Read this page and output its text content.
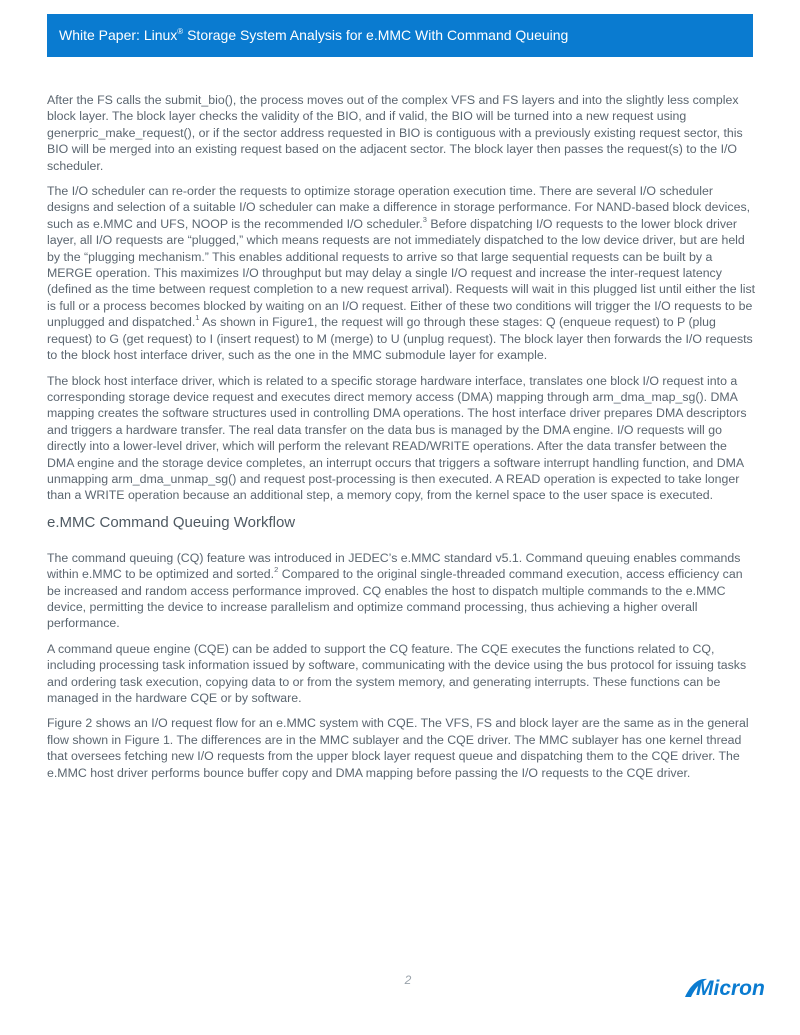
White Paper: Linux® Storage System Analysis for e.MMC With Command Queuing

After the FS calls the submit_bio(), the process moves out of the complex VFS and FS layers and into the slightly less complex block layer. The block layer checks the validity of the BIO, and if valid, the BIO will be turned into a new request using generpric_make_request(), or if the sector address requested in BIO is contiguous with a previously existing request sector, this BIO will be merged into an existing request based on the adjacent sector. The block layer then passes the request(s) to the I/O scheduler.

The I/O scheduler can re-order the requests to optimize storage operation execution time. There are several I/O scheduler designs and selection of a suitable I/O scheduler can make a difference in storage performance. For NAND-based block devices, such as e.MMC and UFS, NOOP is the recommended I/O scheduler.$^3$ Before dispatching I/O requests to the lower block driver layer, all I/O requests are “plugged,” which means requests are not immediately dispatched to the low device driver, but are held by the “plugging mechanism.” This enables additional requests to arrive so that large sequential requests can be built by a MERGE operation. This maximizes I/O throughput but may delay a single I/O request and increase the inter-request latency (defined as the time between request completion to a new request arrival). Requests will wait in this plugged list until either the list is full or a process becomes blocked by waiting on an I/O request. Either of these two conditions will trigger the I/O requests to be unplugged and dispatched.$^1$ As shown in Figure1, the request will go through these stages: Q (enqueue request) to P (plug request) to G (get request) to I (insert request) to M (merge) to U (unplug request). The block layer then forwards the I/O requests to the block host interface driver, such as the one in the MMC submodule layer for example.

The block host interface driver, which is related to a specific storage hardware interface, translates one block I/O request into a corresponding storage device request and executes direct memory access (DMA) mapping through arm_dma_map_sg(). DMA mapping creates the software structures used in controlling DMA operations. The host interface driver prepares DMA descriptors and triggers a hardware transfer. The real data transfer on the data bus is managed by the DMA engine. I/O requests will go directly into a lower-level driver, which will perform the relevant READ/WRITE operations. After the data transfer between the DMA engine and the storage device completes, an interrupt occurs that triggers a software interrupt handling function, and DMA unmapping arm_dma_unmap_sg() and request post-processing is then executed. A READ operation is expected to take longer than a WRITE operation because an additional step, a memory copy, from the kernel space to the user space is executed.

e.MMC Command Queuing Workflow

The command queuing (CQ) feature was introduced in JEDEC’s e.MMC standard v5.1. Command queuing enables commands within e.MMC to be optimized and sorted.$^2$ Compared to the original single-threaded command execution, access efficiency can be increased and random access performance improved. CQ enables the host to dispatch multiple commands to the e.MMC device, permitting the device to increase parallelism and optimize command processing, thus achieving a higher overall performance.

A command queue engine (CQE) can be added to support the CQ feature. The CQE executes the functions related to CQ, including processing task information issued by software, communicating with the device using the bus protocol for issuing tasks and ordering task execution, copying data to or from the system memory, and generating interrupts. These functions can be managed in the hardware CQE or by software.

Figure 2 shows an I/O request flow for an e.MMC system with CQE. The VFS, FS and block layer are the same as in the general flow shown in Figure 1. The differences are in the MMC sublayer and the CQE driver. The MMC sublayer has one kernel thread that oversees fetching new I/O requests from the upper block layer request queue and dispatching them to the CQE driver. The e.MMC host driver performs bounce buffer copy and DMA mapping before passing the I/O requests to the CQE driver.

2	Micron
